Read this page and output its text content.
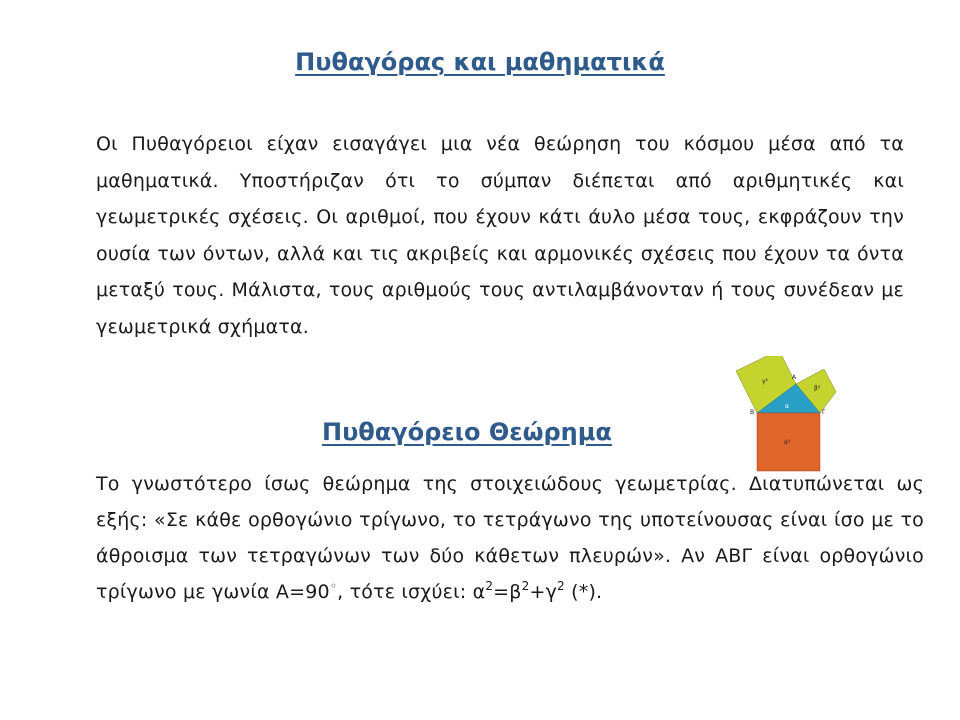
Πυθαγόρας και μαθηματικά
Οι Πυθαγόρειοι είχαν εισαγάγει μια νέα θεώρηση του κόσμου μέσα από τα μαθηματικά. Υποστήριζαν ότι το σύμπαν διέπεται από αριθμητικές και γεωμετρικές σχέσεις. Οι αριθμοί, που έχουν κάτι άυλο μέσα τους, εκφράζουν την ουσία των όντων, αλλά και τις ακριβείς και αρμονικές σχέσεις που έχουν τα όντα μεταξύ τους. Μάλιστα, τους αριθμούς τους αντιλαμβάνονταν ή τους συνέδεαν με γεωμετρικά σχήματα.
γ²
β²
α²
α
A
B	Γ
Πυθαγόρειο Θεώρημα
Το γνωστότερο ίσως θεώρημα της στοιχειώδους γεωμετρίας. Διατυπώνεται ως εξής: «Σε κάθε ορθογώνιο τρίγωνο, το τετράγωνο της υποτείνουσας είναι ίσο με το άθροισμα των τετραγώνων των δύο κάθετων πλευρών». Αν ΑΒΓ είναι ορθογώνιο τρίγωνο με γωνία Α=90◦, τότε ισχύει: $\alpha^2=\beta^2+\gamma^2$ (*).
